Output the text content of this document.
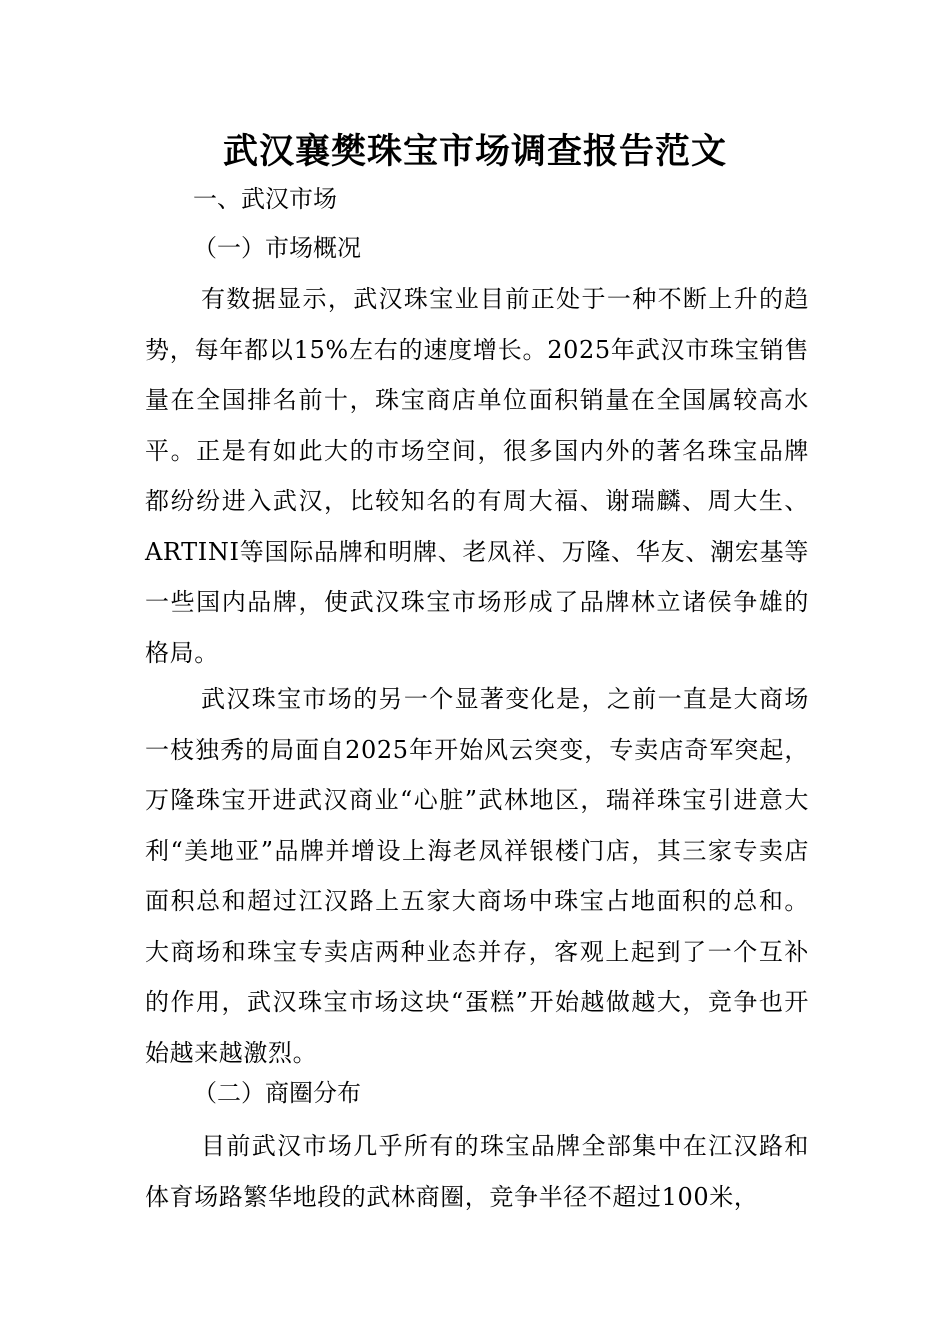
武汉襄樊珠宝市场调查报告范文

一、武汉市场

（一）市场概况

有数据显示，武汉珠宝业目前正处于一种不断上升的趋势，每年都以15%左右的速度增长。2025年武汉市珠宝销售量在全国排名前十，珠宝商店单位面积销量在全国属较高水平。正是有如此大的市场空间，很多国内外的著名珠宝品牌都纷纷进入武汉，比较知名的有周大福、谢瑞麟、周大生、ARTINI等国际品牌和明牌、老凤祥、万隆、华友、潮宏基等一些国内品牌，使武汉珠宝市场形成了品牌林立诸侯争雄的格局。

武汉珠宝市场的另一个显著变化是，之前一直是大商场一枝独秀的局面自2025年开始风云突变，专卖店奇军突起，万隆珠宝开进武汉商业“心脏”武林地区，瑞祥珠宝引进意大利“美地亚”品牌并增设上海老凤祥银楼门店，其三家专卖店面积总和超过江汉路上五家大商场中珠宝占地面积的总和。大商场和珠宝专卖店两种业态并存，客观上起到了一个互补的作用，武汉珠宝市场这块“蛋糕”开始越做越大，竞争也开始越来越激烈。

（二）商圈分布

目前武汉市场几乎所有的珠宝品牌全部集中在江汉路和体育场路繁华地段的武林商圈，竞争半径不超过100米，
